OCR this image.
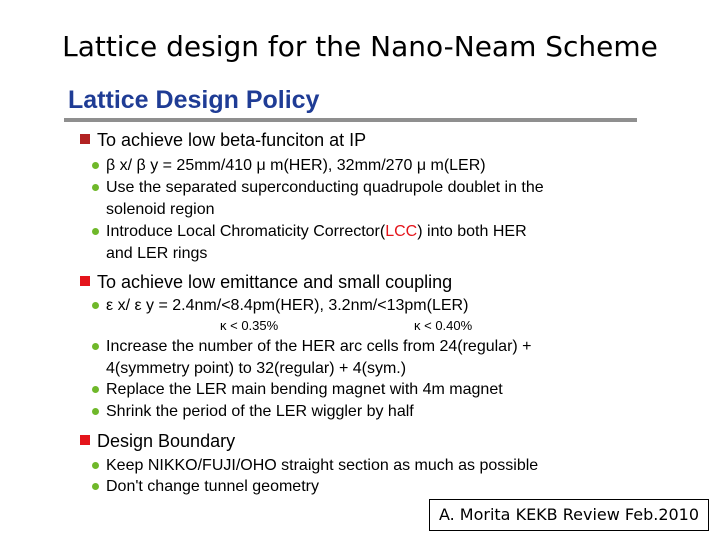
Lattice design for the Nano-Neam Scheme
Lattice Design Policy
To achieve low beta-funciton at IP
β x/ β y = 25mm/410 μ m(HER), 32mm/270 μ m(LER)
Use the separated superconducting quadrupole doublet in the
solenoid region
Introduce Local Chromaticity Corrector(LCC) into both HER
and LER rings
To achieve low emittance and small coupling
ε x/ ε y = 2.4nm/<8.4pm(HER), 3.2nm/<13pm(LER)
κ < 0.35%	κ < 0.40%
Increase the number of the HER arc cells from 24(regular) +
4(symmetry point) to 32(regular) + 4(sym.)
Replace the LER main bending magnet with 4m magnet
Shrink the period of the LER wiggler by half
Design Boundary
Keep NIKKO/FUJI/OHO straight section as much as possible
Don't change tunnel geometry
A. Morita KEKB Review Feb.2010
